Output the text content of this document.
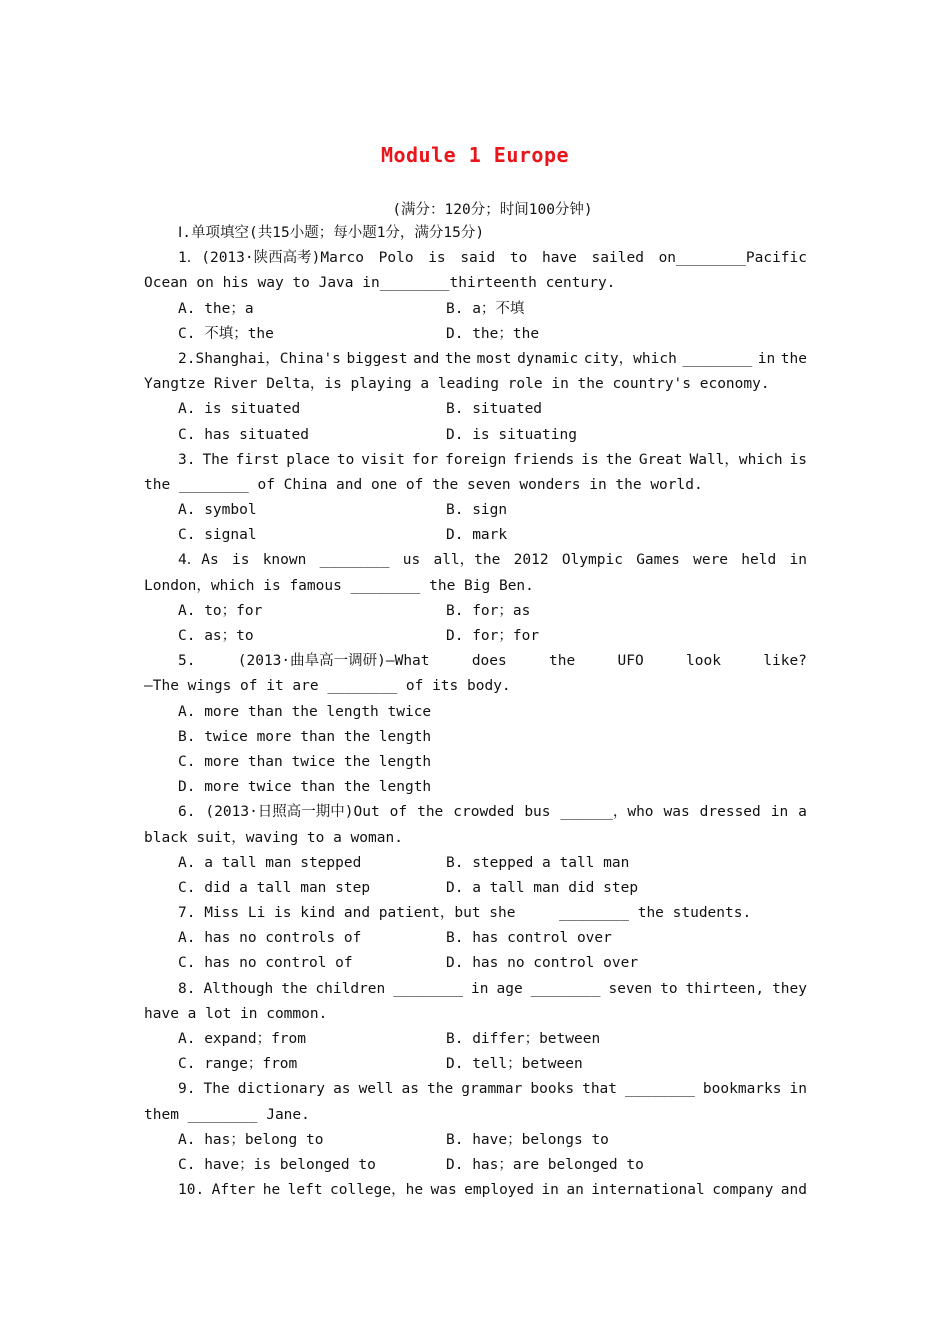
Module 1 Europe
(满分：120分；时间100分钟)
Ⅰ.单项填空(共15小题；每小题1分，满分15分)
1．(2013·陕西高考)Marco Polo is said to have sailed on________Pacific
Ocean on his way to Java in________thirteenth century.
A. the；a	B. a；不填
C. 不填；the	D. the；the
2.Shanghai，China's biggest and the most dynamic city，which ________ in the
Yangtze River Delta，is playing a leading role in the country's economy.
A. is situated	B. situated
C. has situated	D. is situating
3. The first place to visit for foreign friends is the Great Wall，which is
the ________ of China and one of the seven wonders in the world.
A. symbol	B. sign
C. signal	D. mark
4．As is known ________ us all，the 2012 Olympic Games were held in
London，which is famous ________ the Big Ben.
A. to；for	B. for；as
C. as；to	D. for；for
5.	(2013·曲阜高一调研)—What	does	the	UFO	look	like?
—The wings of it are ________ of its body.
A. more than the length twice
B. twice more than the length
C. more than twice the length
D. more twice than the length
6. (2013·日照高一期中)Out of the crowded bus ______，who was dressed in a
black suit，waving to a woman.
A. a tall man stepped	B. stepped a tall man
C. did a tall man step	D. a tall man did step
7. Miss Li is kind and patient，but she     ________ the students.
A. has no controls of	B. has control over
C. has no control of	D. has no control over
8. Although the children ________ in age ________ seven to thirteen, they
have a lot in common.
A. expand；from	B. differ；between
C. range；from	D. tell；between
9. The dictionary as well as the grammar books that ________ bookmarks in
them ________ Jane.
A. has；belong to	B. have；belongs to
C. have；is belonged to	D. has；are belonged to
10. After he left college，he was employed in an international company and
